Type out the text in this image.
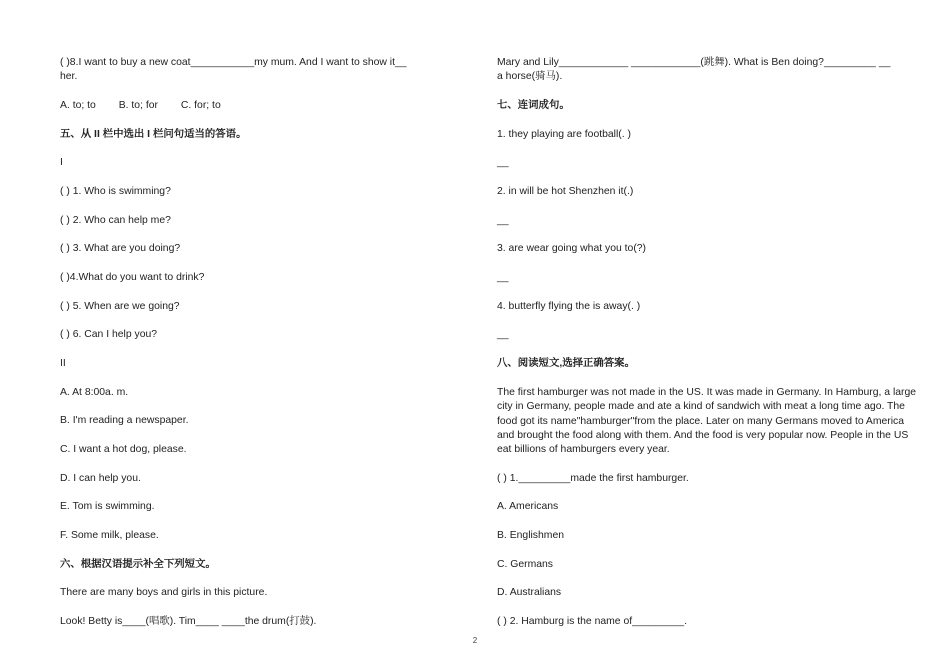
( )8.I want to buy a new coat___________my mum. And I want to show it__
her.
A. to; to B. to; for C. for; to
五、从 II 栏中选出 I 栏问句适当的答语。
I
( ) 1. Who is swimming?
( ) 2. Who can help me?
( ) 3. What are you doing?
( )4.What do you want to drink?
( ) 5. When are we going?
( ) 6. Can I help you?
II
A. At 8:00a. m.
B. I'm reading a newspaper.
C. I want a hot dog, please.
D. I can help you.
E. Tom is swimming.
F. Some milk, please.
六、根据汉语提示补全下列短文。
There are many boys and girls in this picture.
Look! Betty is____(唱歌). Tim____ ____the drum(打鼓).
Mary and Lily____________ ____________(跳舞). What is Ben doing?_________ __
a horse(骑马).
七、连词成句。
1. they playing are football(. )
__
2. in will be hot Shenzhen it(.)
__
3. are wear going what you to(?)
__
4. butterfly flying the is away(. )
__
八、阅读短文,选择正确答案。
The first hamburger was not made in the US. It was made in Germany. In Hamburg, a large city in Germany, people made and ate a kind of sandwich with meat a long time ago. The food got its name"hamburger"from the place. Later on many Germans moved to America and brought the food along with them. And the food is very popular now. People in the US eat billions of hamburgers every year.
( ) 1._________made the first hamburger.
A. Americans
B. Englishmen
C. Germans
D. Australians
( ) 2. Hamburg is the name of_________.
2
